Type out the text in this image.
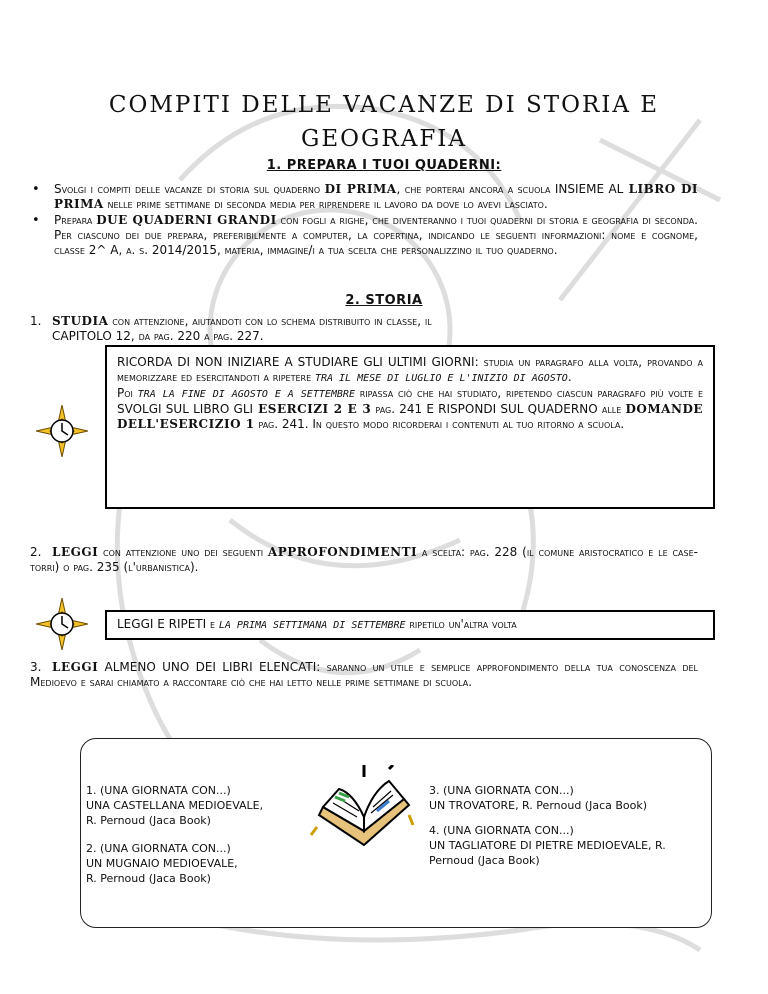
COMPITI DELLE VACANZE DI STORIA E
GEOGRAFIA
1. PREPARA I TUOI QUADERNI:
• Svolgi i compiti delle vacanze di storia sul quaderno DI PRIMA, che porterai ancora a scuola INSIEME AL LIBRO DI PRIMA nelle prime settimane di seconda media per riprendere il lavoro da dove lo avevi lasciato.
• Prepara DUE QUADERNI GRANDI con fogli a righe, che diventeranno i tuoi quaderni di storia e geografia di seconda. Per ciascuno dei due prepara, preferibilmente a computer, la copertina, indicando le seguenti informazioni: nome e cognome, classe 2^ A, a. s. 2014/2015, materia, immagine/i a tua scelta che personalizzino il tuo quaderno.
2. STORIA
1. STUDIA con attenzione, aiutandoti con lo schema distribuito in classe, il
CAPITOLO 12, da pag. 220 a pag. 227.
RICORDA DI NON INIZIARE A STUDIARE GLI ULTIMI GIORNI: studia un paragrafo alla volta, provando a memorizzare ed esercitandoti a ripetere TRA IL MESE DI LUGLIO E L'INIZIO DI AGOSTO.
Poi TRA LA FINE DI AGOSTO E A SETTEMBRE ripassa ciò che hai studiato, ripetendo ciascun paragrafo più volte e SVOLGI SUL LIBRO GLI ESERCIZI 2 E 3 pag. 241 E RISPONDI SUL QUADERNO alle DOMANDE DELL'ESERCIZIO 1 pag. 241. In questo modo ricorderai i contenuti al tuo ritorno a scuola.
2. LEGGI con attenzione uno dei seguenti APPROFONDIMENTI a scelta: pag. 228 (il comune aristocratico e le case-torri) o pag. 235 (l'urbanistica).
LEGGI E RIPETI e LA PRIMA SETTIMANA DI SETTEMBRE ripetilo un'altra volta
3. LEGGI ALMENO UNO DEI LIBRI ELENCATI: saranno un utile e semplice approfondimento della tua conoscenza del Medioevo e sarai chiamato a raccontare ciò che hai letto nelle prime settimane di scuola.
1. (UNA GIORNATA CON...)
UNA CASTELLANA MEDIOEVALE,
R. Pernoud (Jaca Book)
2. (UNA GIORNATA CON...)
UN MUGNAIO MEDIOEVALE,
R. Pernoud (Jaca Book)
3. (UNA GIORNATA CON...)
UN TROVATORE, R. Pernoud (Jaca Book)
4. (UNA GIORNATA CON...)
UN TAGLIATORE DI PIETRE MEDIOEVALE, R.
Pernoud (Jaca Book)
